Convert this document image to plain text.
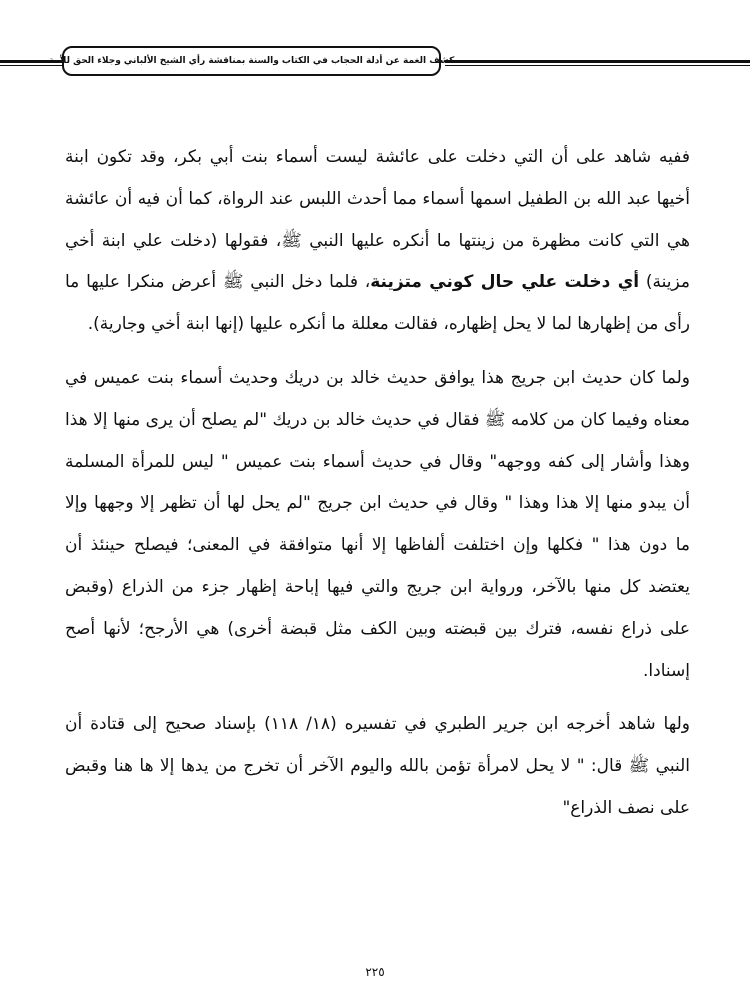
كشف الغمة عن أدلة الحجاب في الكتاب والسنة بمناقشة رأي الشيخ الألباني وجلاء الحق للأمة

ففيه شاهد على أن التي دخلت على عائشة ليست أسماء بنت أبي بكر، وقد تكون ابنة أخيها عبد الله بن الطفيل اسمها أسماء مما أحدث اللبس عند الرواة، كما أن فيه أن عائشة هي التي كانت مظهرة من زينتها ما أنكره عليها النبي ﷺ، فقولها (دخلت علي ابنة أخي مزينة) أي دخلت علي حال كوني متزينة، فلما دخل النبي ﷺ أعرض منكرا عليها ما رأى من إظهارها لما لا يحل إظهاره، فقالت معللة ما أنكره عليها (إنها ابنة أخي وجارية).

ولما كان حديث ابن جريج هذا يوافق حديث خالد بن دريك وحديث أسماء بنت عميس في معناه وفيما كان من كلامه ﷺ فقال في حديث خالد بن دريك "لم يصلح أن يرى منها إلا هذا وهذا وأشار إلى كفه ووجهه" وقال في حديث أسماء بنت عميس " ليس للمرأة المسلمة أن يبدو منها إلا هذا وهذا " وقال في حديث ابن جريج "لم يحل لها أن تظهر إلا وجهها وإلا ما دون هذا " فكلها وإن اختلفت ألفاظها إلا أنها متوافقة في المعنى؛ فيصلح حينئذ أن يعتضد كل منها بالآخر، ورواية ابن جريج والتي فيها إباحة إظهار جزء من الذراع (وقبض على ذراع نفسه، فترك بين قبضته وبين الكف مثل قبضة أخرى) هي الأرجح؛ لأنها أصح إسنادا.

ولها شاهد أخرجه ابن جرير الطبري في تفسيره (١٨/ ١١٨) بإسناد صحيح إلى قتادة أن النبي ﷺ قال: " لا يحل لامرأة تؤمن بالله واليوم الآخر أن تخرج من يدها إلا ها هنا وقبض على نصف الذراع"

٢٢٥
